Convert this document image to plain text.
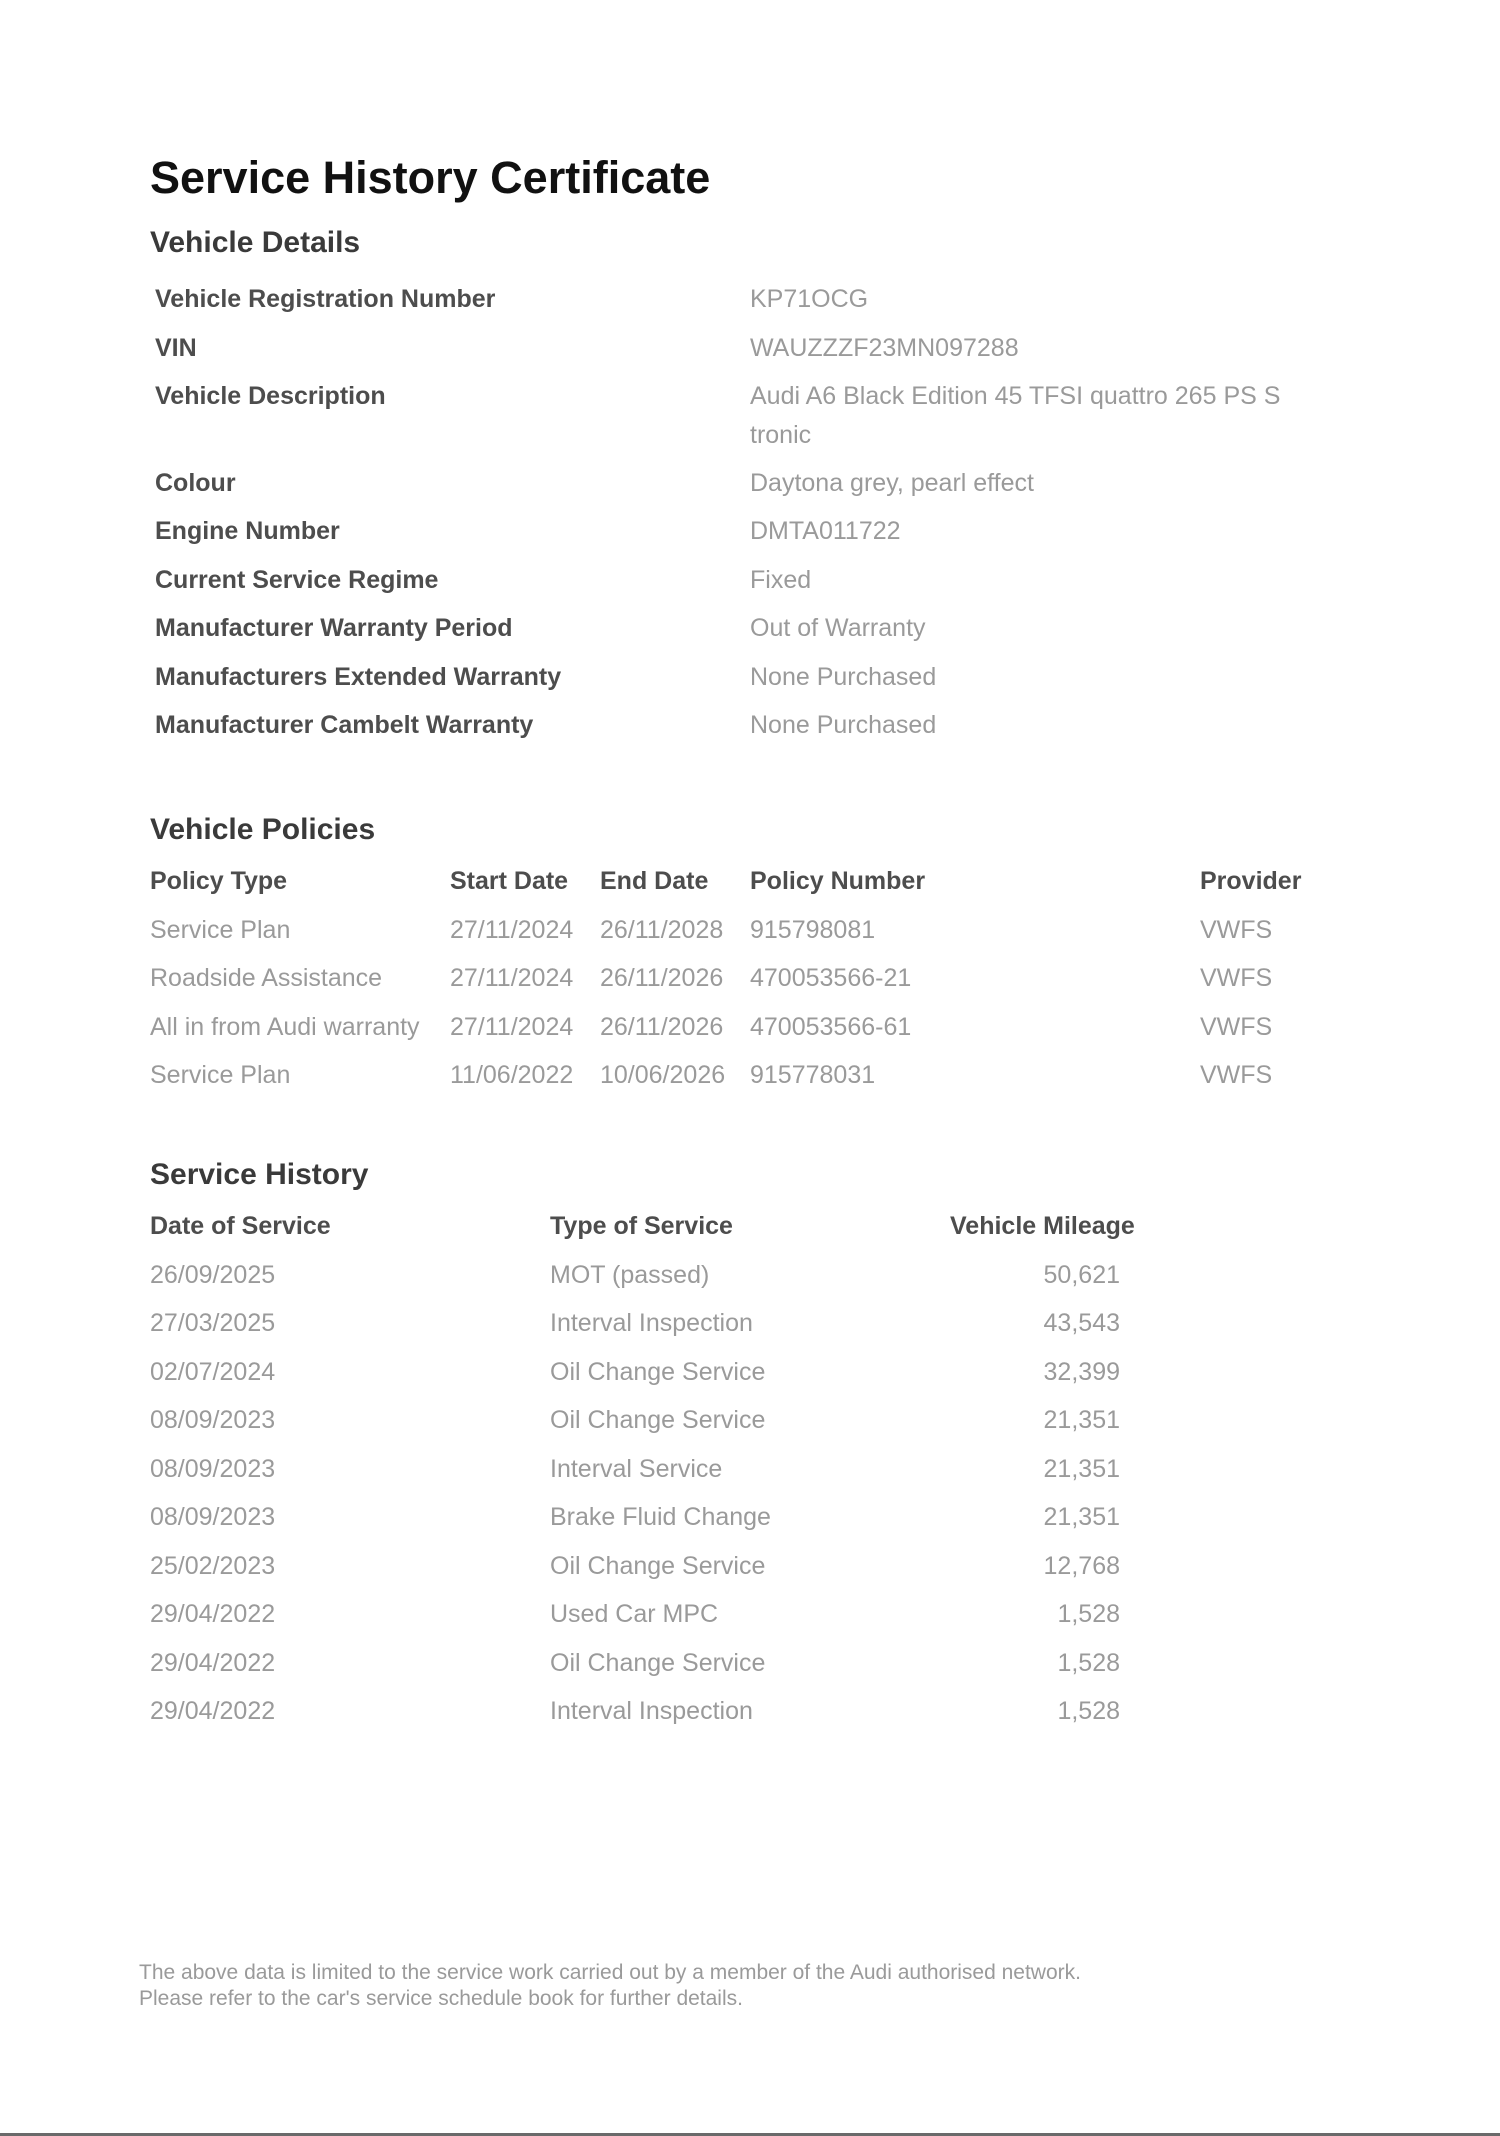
Service History Certificate
Vehicle Details
Vehicle Registration Number	KP71OCG
VIN	WAUZZZF23MN097288
Vehicle Description	Audi A6 Black Edition 45 TFSI quattro 265 PS S tronic
Colour	Daytona grey, pearl effect
Engine Number	DMTA011722
Current Service Regime	Fixed
Manufacturer Warranty Period	Out of Warranty
Manufacturers Extended Warranty	None Purchased
Manufacturer Cambelt Warranty	None Purchased
Vehicle Policies
Policy Type	Start Date End Date Policy Number	Provider
Service Plan	27/11/2024 26/11/2028 915798081	VWFS
Roadside Assistance	27/11/2024 26/11/2026 470053566-21	VWFS
All in from Audi warranty 27/11/2024 26/11/2026 470053566-61	VWFS
Service Plan	11/06/2022 10/06/2026 915778031	VWFS
Service History
Date of Service	Type of Service	Vehicle Mileage
26/09/2025	MOT (passed)	50,621
27/03/2025	Interval Inspection	43,543
02/07/2024	Oil Change Service	32,399
08/09/2023	Oil Change Service	21,351
08/09/2023	Interval Service	21,351
08/09/2023	Brake Fluid Change	21,351
25/02/2023	Oil Change Service	12,768
29/04/2022	Used Car MPC	1,528
29/04/2022	Oil Change Service	1,528
29/04/2022	Interval Inspection	1,528
The above data is limited to the service work carried out by a member of the Audi authorised network.
Please refer to the car's service schedule book for further details.
